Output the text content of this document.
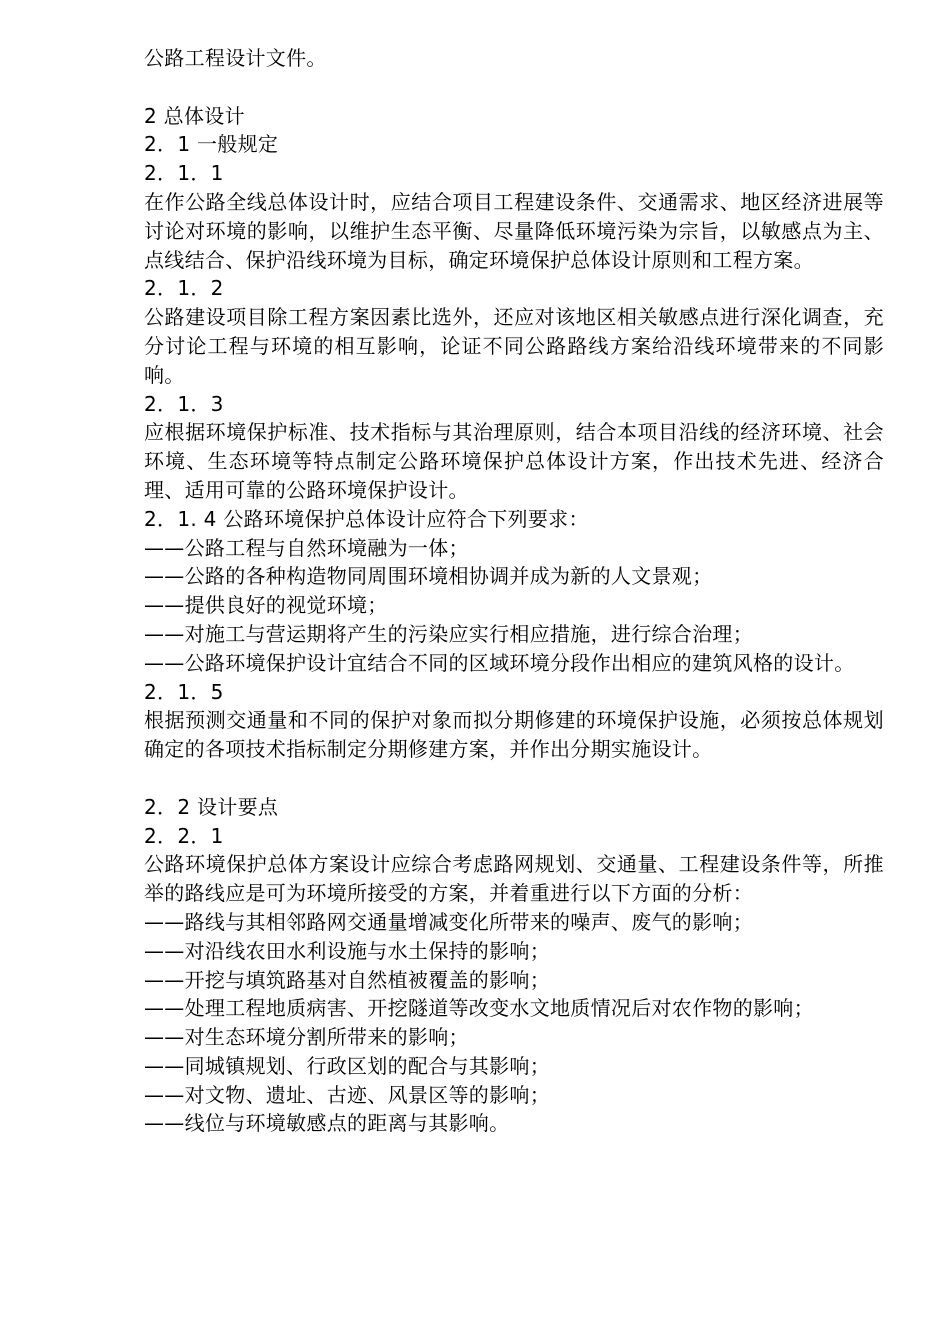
公路工程设计文件。
2 总体设计
2．1 一般规定
2．1．1
在作公路全线总体设计时，应结合项目工程建设条件、交通需求、地区经济进展等讨论对环境的影响，以维护生态平衡、尽量降低环境污染为宗旨，以敏感点为主、点线结合、保护沿线环境为目标，确定环境保护总体设计原则和工程方案。
2．1．2
公路建设项目除工程方案因素比选外，还应对该地区相关敏感点进行深化调查，充分讨论工程与环境的相互影响，论证不同公路路线方案给沿线环境带来的不同影响。
2．1．3
应根据环境保护标准、技术指标与其治理原则，结合本项目沿线的经济环境、社会环境、生态环境等特点制定公路环境保护总体设计方案，作出技术先进、经济合理、适用可靠的公路环境保护设计。
2．1. 4 公路环境保护总体设计应符合下列要求：
——公路工程与自然环境融为一体；
——公路的各种构造物同周围环境相协调并成为新的人文景观；
——提供良好的视觉环境；
——对施工与营运期将产生的污染应实行相应措施，进行综合治理；
——公路环境保护设计宜结合不同的区域环境分段作出相应的建筑风格的设计。
2．1．5
根据预测交通量和不同的保护对象而拟分期修建的环境保护设施，必须按总体规划确定的各项技术指标制定分期修建方案，并作出分期实施设计。
2．2 设计要点
2．2．1
公路环境保护总体方案设计应综合考虑路网规划、交通量、工程建设条件等，所推举的路线应是可为环境所接受的方案，并着重进行以下方面的分析：
——路线与其相邻路网交通量增减变化所带来的噪声、废气的影响；
——对沿线农田水利设施与水土保持的影响；
——开挖与填筑路基对自然植被覆盖的影响；
——处理工程地质病害、开挖隧道等改变水文地质情况后对农作物的影响；
——对生态环境分割所带来的影响；
——同城镇规划、行政区划的配合与其影响；
——对文物、遗址、古迹、风景区等的影响；
——线位与环境敏感点的距离与其影响。
